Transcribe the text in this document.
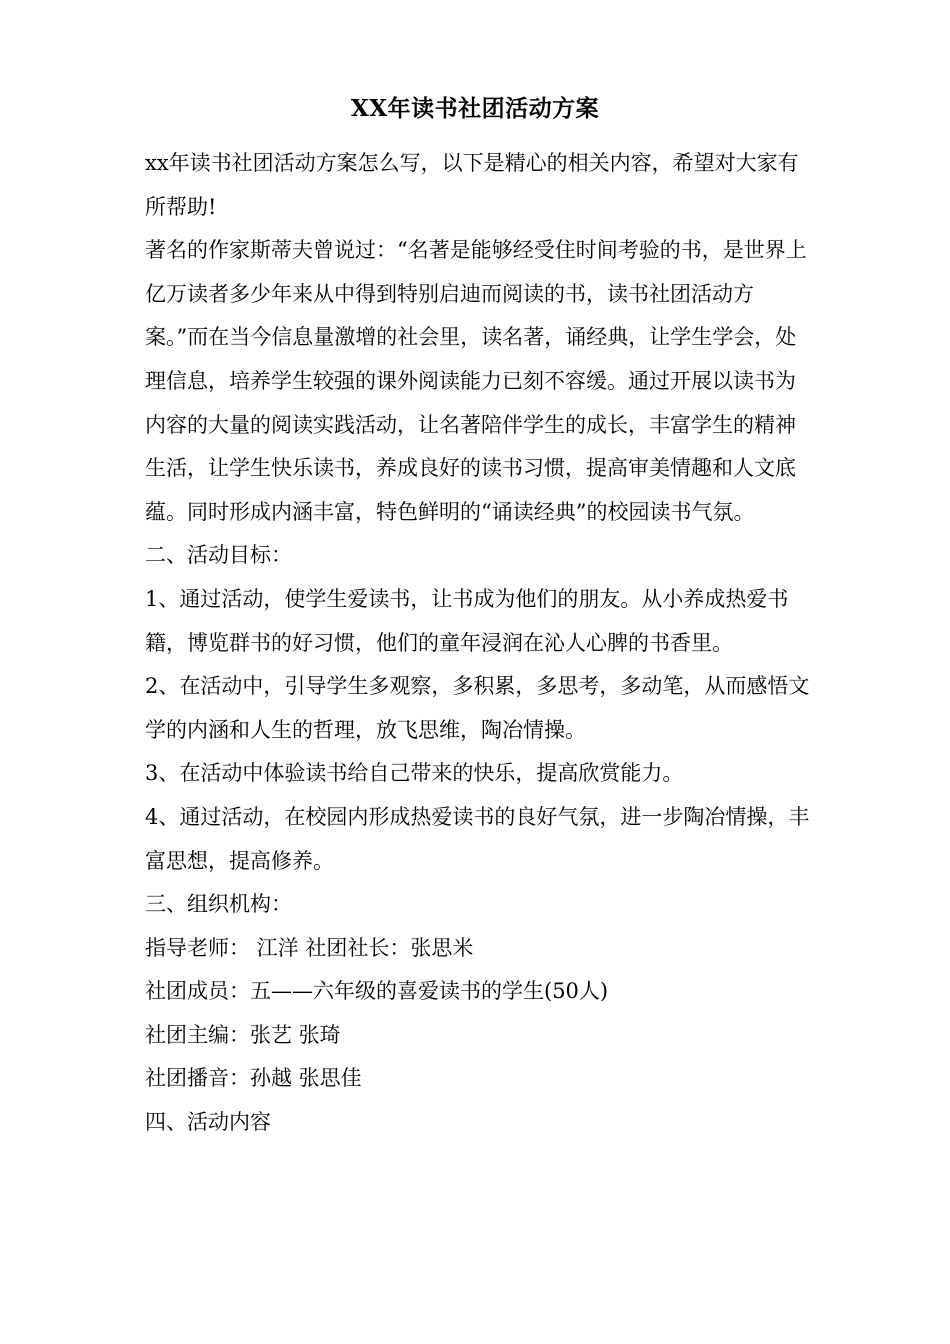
XX年读书社团活动方案

xx年读书社团活动方案怎么写，以下是精心的相关内容，希望对大家有所帮助!

著名的作家斯蒂夫曾说过：“名著是能够经受住时间考验的书，是世界上亿万读者多少年来从中得到特别启迪而阅读的书，读书社团活动方案。”而在当今信息量激增的社会里，读名著，诵经典，让学生学会，处理信息，培养学生较强的课外阅读能力已刻不容缓。通过开展以读书为内容的大量的阅读实践活动，让名著陪伴学生的成长，丰富学生的精神生活，让学生快乐读书，养成良好的读书习惯，提高审美情趣和人文底蕴。同时形成内涵丰富，特色鲜明的“诵读经典”的校园读书气氛。

二、活动目标：

1、通过活动，使学生爱读书，让书成为他们的朋友。从小养成热爱书籍，博览群书的好习惯，他们的童年浸润在沁人心脾的书香里。

2、在活动中，引导学生多观察，多积累，多思考，多动笔，从而感悟文学的内涵和人生的哲理，放飞思维，陶冶情操。

3、在活动中体验读书给自己带来的快乐，提高欣赏能力。

4、通过活动，在校园内形成热爱读书的良好气氛，进一步陶冶情操，丰富思想，提高修养。

三、组织机构：

指导老师： 江洋 社团社长：张思米

社团成员：五——六年级的喜爱读书的学生(50人)

社团主编：张艺 张琦

社团播音：孙越 张思佳

四、活动内容
